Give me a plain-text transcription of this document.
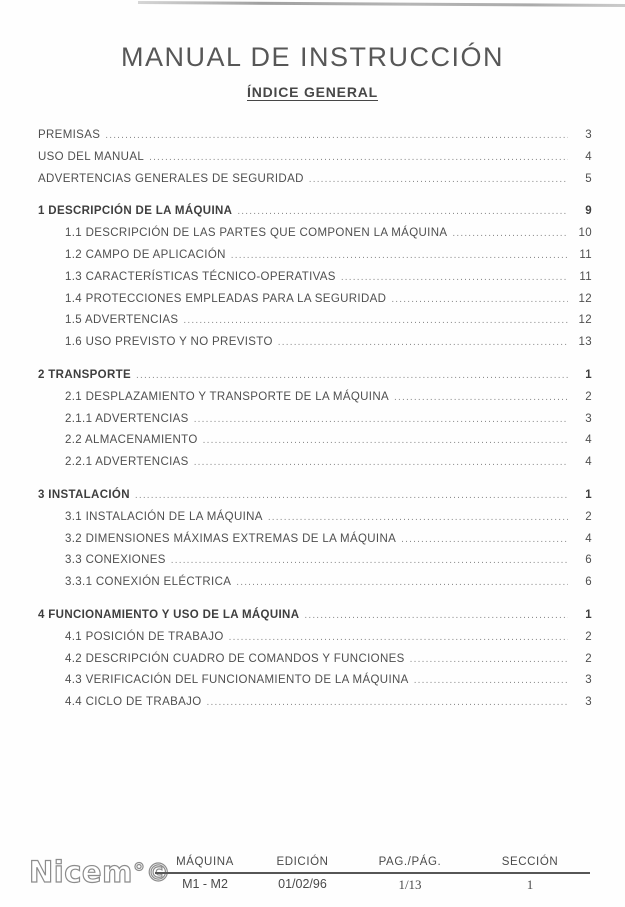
MANUAL DE INSTRUCCIÓN
ÍNDICE GENERAL
PREMISAS .....	3
USO DEL MANUAL .....	4
ADVERTENCIAS GENERALES DE SEGURIDAD .....	5
1 DESCRIPCIÓN DE LA MÁQUINA .....	9
1.1 DESCRIPCIÓN DE LAS PARTES QUE COMPONEN LA MÁQUINA .....	10
1.2 CAMPO DE APLICACIÓN .....	11
1.3 CARACTERÍSTICAS TÉCNICO-OPERATIVAS .....	11
1.4 PROTECCIONES EMPLEADAS PARA LA SEGURIDAD .....	12
1.5 ADVERTENCIAS .....	12
1.6 USO PREVISTO Y NO PREVISTO .....	13
2 TRANSPORTE .....	1
2.1 DESPLAZAMIENTO Y TRANSPORTE DE LA MÁQUINA .....	2
2.1.1 ADVERTENCIAS .....	3
2.2 ALMACENAMIENTO .....	4
2.2.1 ADVERTENCIAS .....	4
3 INSTALACIÓN .....	1
3.1 INSTALACIÓN DE LA MÁQUINA .....	2
3.2 DIMENSIONES MÁXIMAS EXTREMAS DE LA MÁQUINA .....	4
3.3 CONEXIONES .....	6
3.3.1 CONEXIÓN ELÉCTRICA .....	6
4 FUNCIONAMIENTO Y USO DE LA MÁQUINA .....	1
4.1 POSICIÓN DE TRABAJO .....	2
4.2 DESCRIPCIÓN CUADRO DE COMANDOS Y FUNCIONES .....	2
4.3 VERIFICACIÓN DEL FUNCIONAMIENTO DE LA MÁQUINA .....	3
4.4 CICLO DE TRABAJO .....	3
Nicem°© MÁQUINA	EDICIÓN	PAG./PÁG.	SECCIÓN
M1 - M2	01/02/96	1/13	1
